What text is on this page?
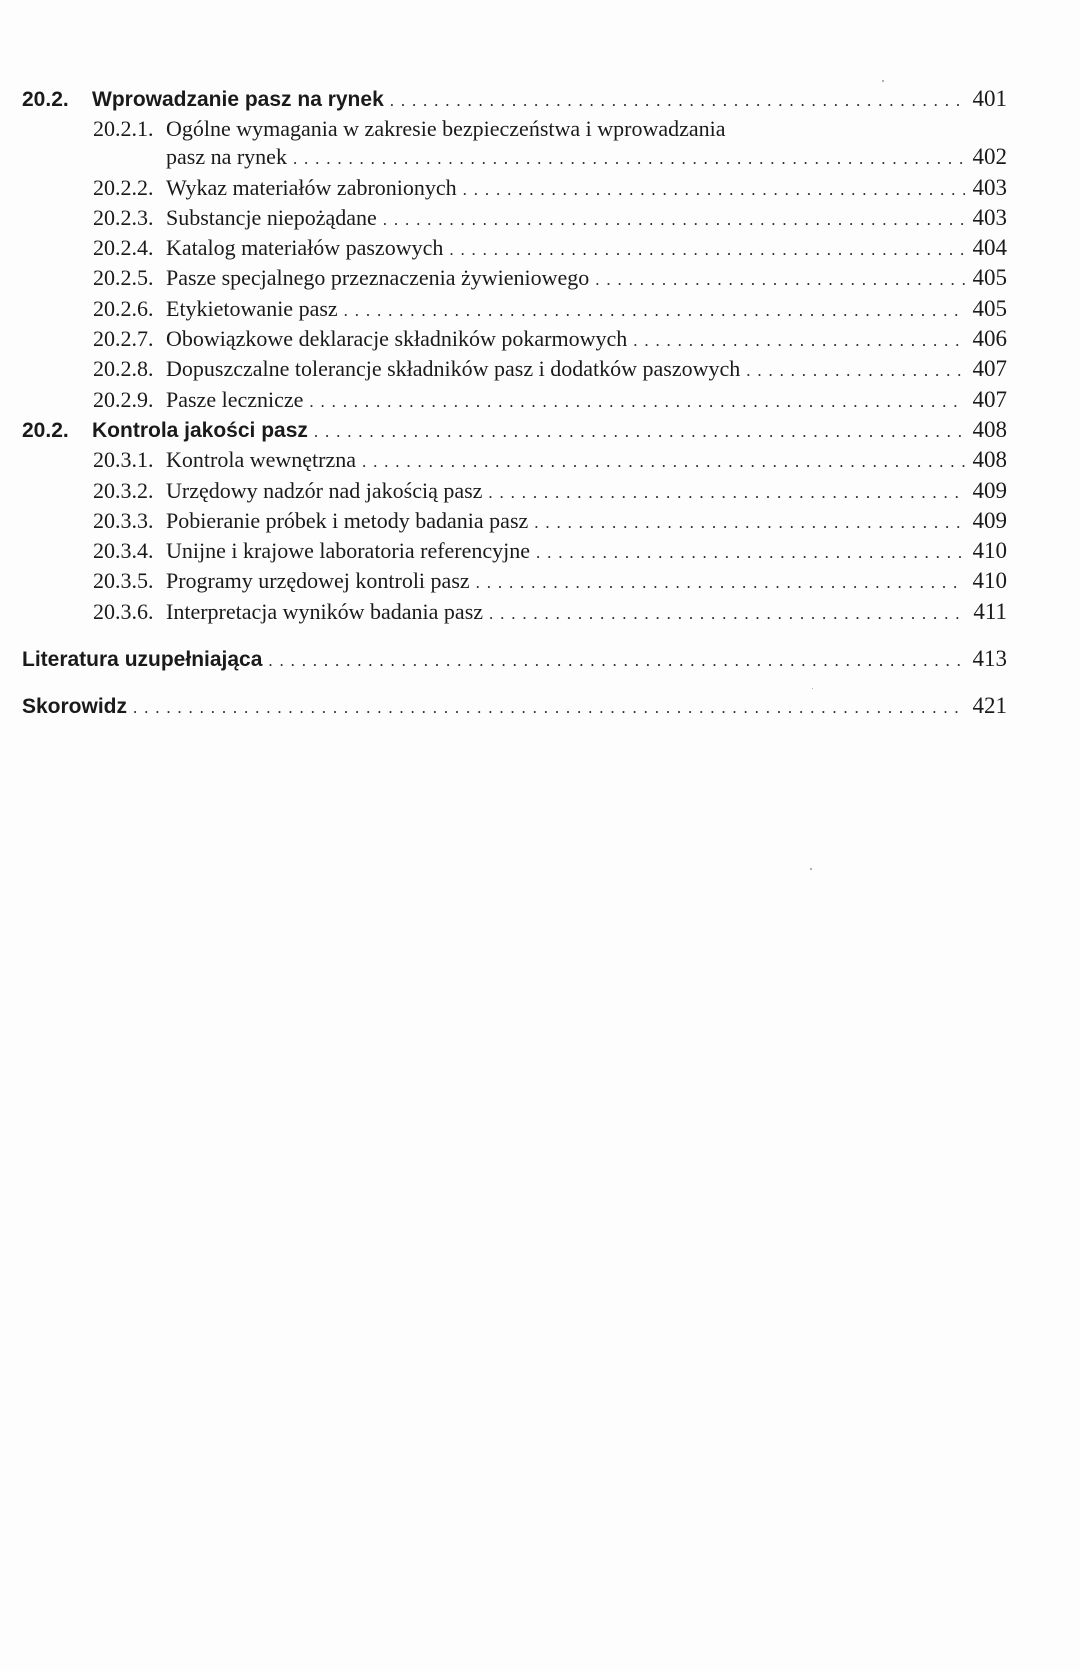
20.2.	Wprowadzanie pasz na rynek . . .	401
20.2.1. Ogólne wymagania w zakresie bezpieczeństwa i wprowadzania
pasz na rynek . . .	402
20.2.2. Wykaz materiałów zabronionych . . .	403
20.2.3. Substancje niepożądane . . .	403
20.2.4. Katalog materiałów paszowych . . .	404
20.2.5. Pasze specjalnego przeznaczenia żywieniowego . . .	405
20.2.6. Etykietowanie pasz . . .	405
20.2.7. Obowiązkowe deklaracje składników pokarmowych . . .	406
20.2.8. Dopuszczalne tolerancje składników pasz i dodatków paszowych . . .	407
20.2.9. Pasze lecznicze . . .	407
20.2.	Kontrola jakości pasz . . .	408
20.3.1. Kontrola wewnętrzna . . .	408
20.3.2. Urzędowy nadzór nad jakością pasz . . .	409
20.3.3. Pobieranie próbek i metody badania pasz . . .	409
20.3.4. Unijne i krajowe laboratoria referencyjne . . .	410
20.3.5. Programy urzędowej kontroli pasz . . .	410
20.3.6. Interpretacja wyników badania pasz . . .	411
Literatura uzupełniająca . . .	413
Skorowidz . . .	421
